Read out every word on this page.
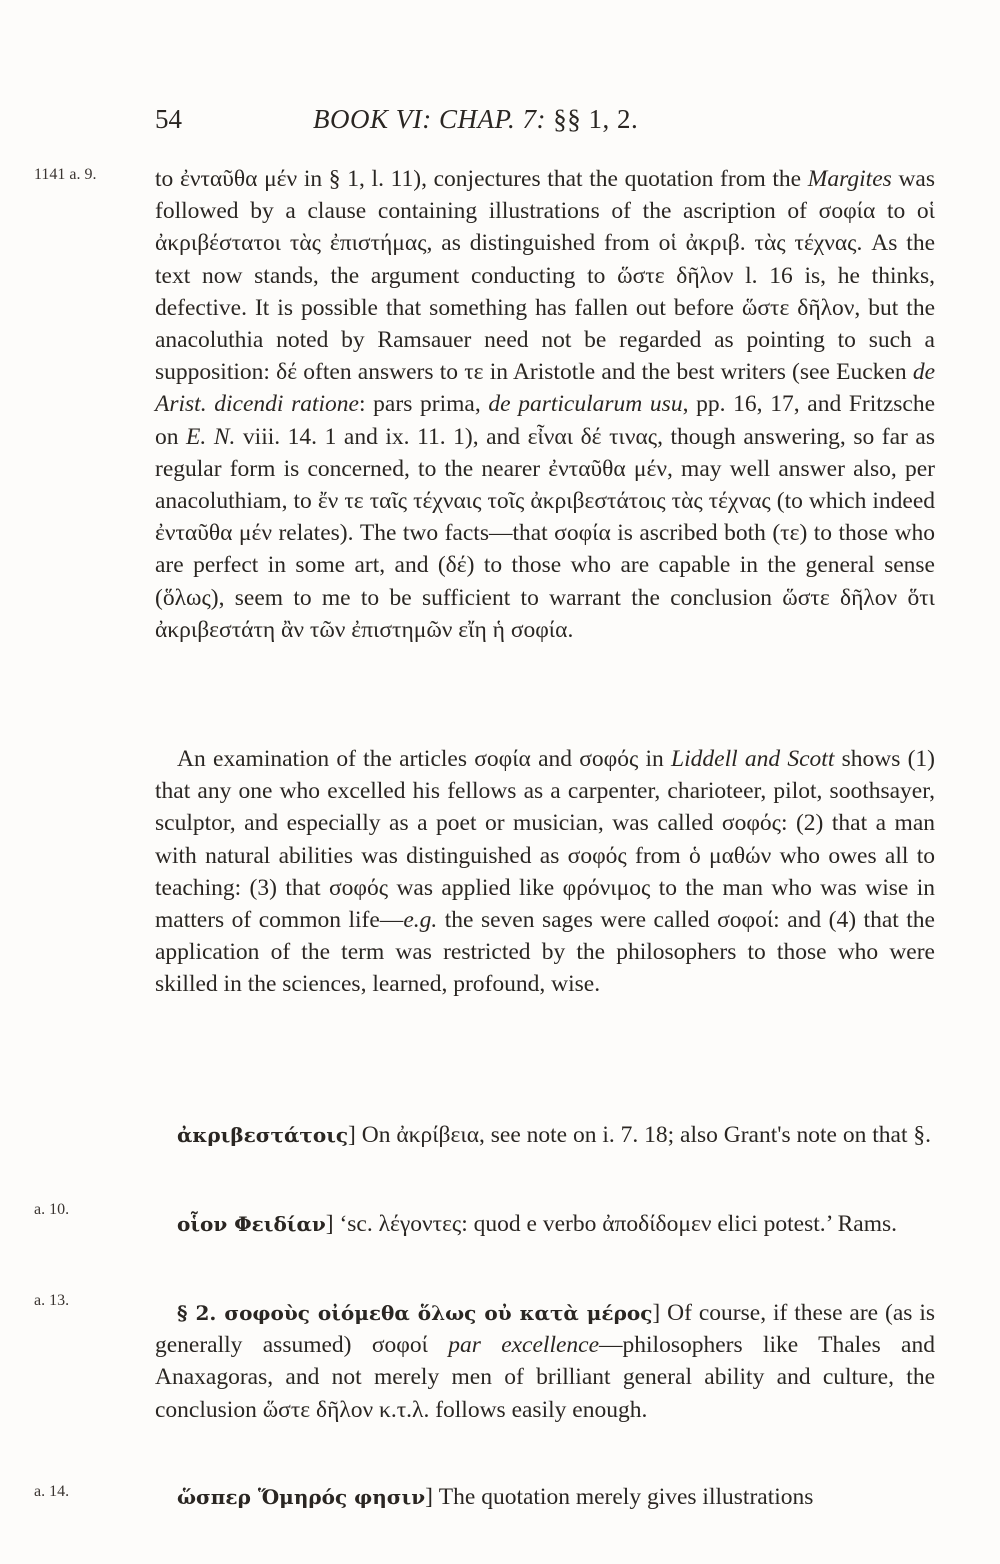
54	BOOK VI: CHAP. 7: §§ 1, 2.
1141 a. 9.
a. 10.
a. 13.
a. 14.
to ἐνταῦθα μέν in § 1, l. 11), conjectures that the quotation from the Margites was followed by a clause containing illustrations of the ascription of σοφία to οἱ ἀκριβέστατοι τὰς ἐπιστήμας, as distinguished from οἱ ἀκριβ. τὰς τέχνας. As the text now stands, the argument conducting to ὥστε δῆλον l. 16 is, he thinks, defective. It is possible that something has fallen out before ὥστε δῆλον, but the anacoluthia noted by Ramsauer need not be regarded as pointing to such a supposition: δέ often answers to τε in Aristotle and the best writers (see Eucken de Arist. dicendi ratione: pars prima, de particularum usu, pp. 16, 17, and Fritzsche on E. N. viii. 14. 1 and ix. 11. 1), and εἶναι δέ τινας, though answering, so far as regular form is concerned, to the nearer ἐνταῦθα μέν, may well answer also, per anacoluthiam, to ἔν τε ταῖς τέχναις τοῖς ἀκριβεστάτοις τὰς τέχνας (to which indeed ἐνταῦθα μέν relates). The two facts—that σοφία is ascribed both (τε) to those who are perfect in some art, and (δέ) to those who are capable in the general sense (ὅλως), seem to me to be sufficient to warrant the conclusion ὥστε δῆλον ὅτι ἀκριβεστάτη ἂν τῶν ἐπιστημῶν εἴη ἡ σοφία.
An examination of the articles σοφία and σοφός in Liddell and Scott shows (1) that any one who excelled his fellows as a carpenter, charioteer, pilot, soothsayer, sculptor, and especially as a poet or musician, was called σοφός: (2) that a man with natural abilities was distinguished as σοφός from ὁ μαθών who owes all to teaching: (3) that σοφός was applied like φρόνιμος to the man who was wise in matters of common life—e.g. the seven sages were called σοφοί: and (4) that the application of the term was restricted by the philosophers to those who were skilled in the sciences, learned, profound, wise.
ἀκριβεστάτοις] On ἀκρίβεια, see note on i. 7. 18; also Grant's note on that §.
οἷον Φειδίαν] ‘sc. λέγοντες: quod e verbo ἀποδίδομεν elici potest.’ Rams.
§ 2. σοφοὺς οἰόμεθα ὅλως οὐ κατὰ μέρος] Of course, if these are (as is generally assumed) σοφοί par excellence—philosophers like Thales and Anaxagoras, and not merely men of brilliant general ability and culture, the conclusion ὥστε δῆλον κ.τ.λ. follows easily enough.
ὥσπερ Ὅμηρός φησιν] The quotation merely gives illustrations
